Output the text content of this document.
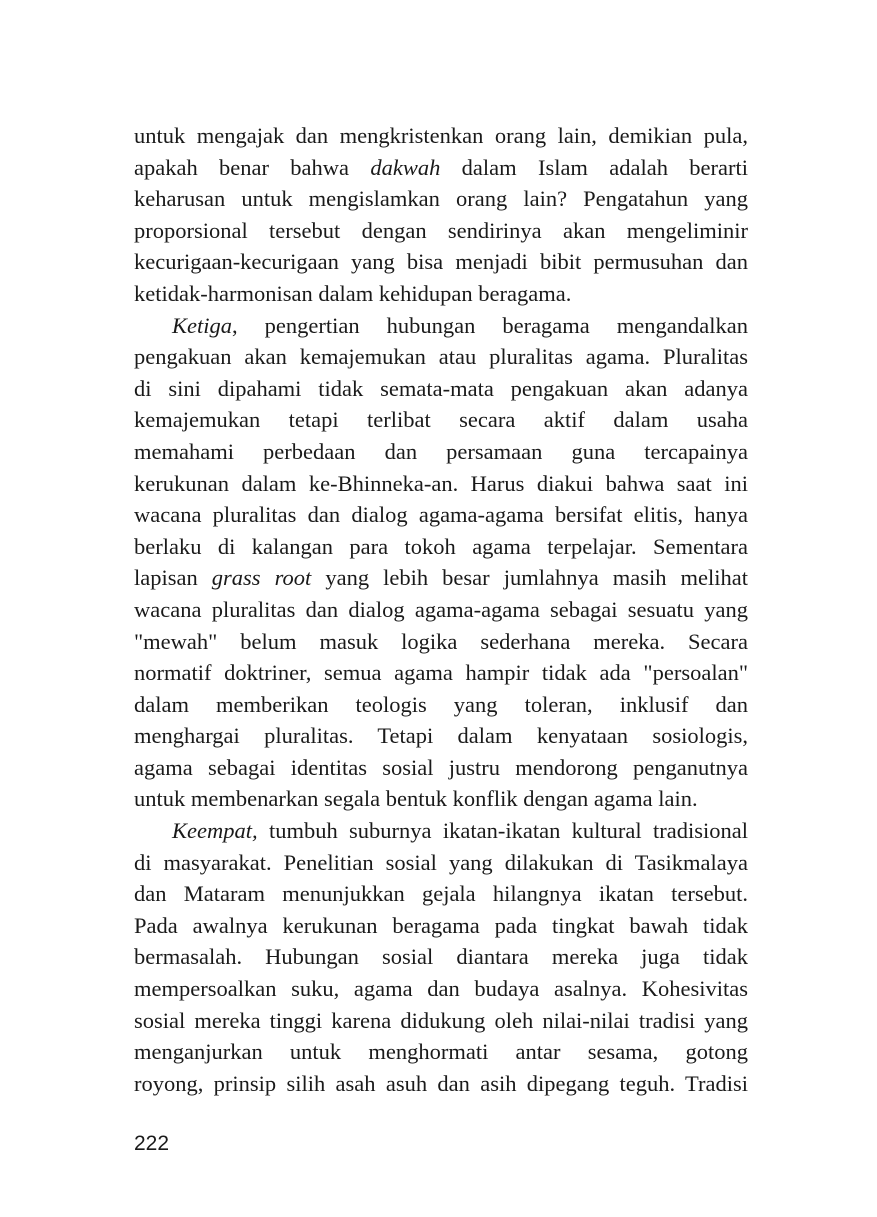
untuk mengajak dan mengkristenkan orang lain, demikian pula,
apakah benar bahwa dakwah dalam Islam adalah berarti
keharusan untuk mengislamkan orang lain? Pengatahun yang
proporsional tersebut dengan sendirinya akan mengeliminir
kecurigaan-kecurigaan yang bisa menjadi bibit permusuhan dan
ketidak-harmonisan dalam kehidupan beragama.
Ketiga, pengertian hubungan beragama mengandalkan
pengakuan akan kemajemukan atau pluralitas agama. Pluralitas
di sini dipahami tidak semata-mata pengakuan akan adanya
kemajemukan tetapi terlibat secara aktif dalam usaha
memahami perbedaan dan persamaan guna tercapainya
kerukunan dalam ke-Bhinneka-an. Harus diakui bahwa saat ini
wacana pluralitas dan dialog agama-agama bersifat elitis, hanya
berlaku di kalangan para tokoh agama terpelajar. Sementara
lapisan grass root yang lebih besar jumlahnya masih melihat
wacana pluralitas dan dialog agama-agama sebagai sesuatu yang
"mewah" belum masuk logika sederhana mereka. Secara
normatif doktriner, semua agama hampir tidak ada "persoalan"
dalam memberikan teologis yang toleran, inklusif dan
menghargai pluralitas. Tetapi dalam kenyataan sosiologis,
agama sebagai identitas sosial justru mendorong penganutnya
untuk membenarkan segala bentuk konflik dengan agama lain.
Keempat, tumbuh suburnya ikatan-ikatan kultural tradisional
di masyarakat. Penelitian sosial yang dilakukan di Tasikmalaya
dan Mataram menunjukkan gejala hilangnya ikatan tersebut.
Pada awalnya kerukunan beragama pada tingkat bawah tidak
bermasalah. Hubungan sosial diantara mereka juga tidak
mempersoalkan suku, agama dan budaya asalnya. Kohesivitas
sosial mereka tinggi karena didukung oleh nilai-nilai tradisi yang
menganjurkan untuk menghormati antar sesama, gotong
royong, prinsip silih asah asuh dan asih dipegang teguh. Tradisi
222
